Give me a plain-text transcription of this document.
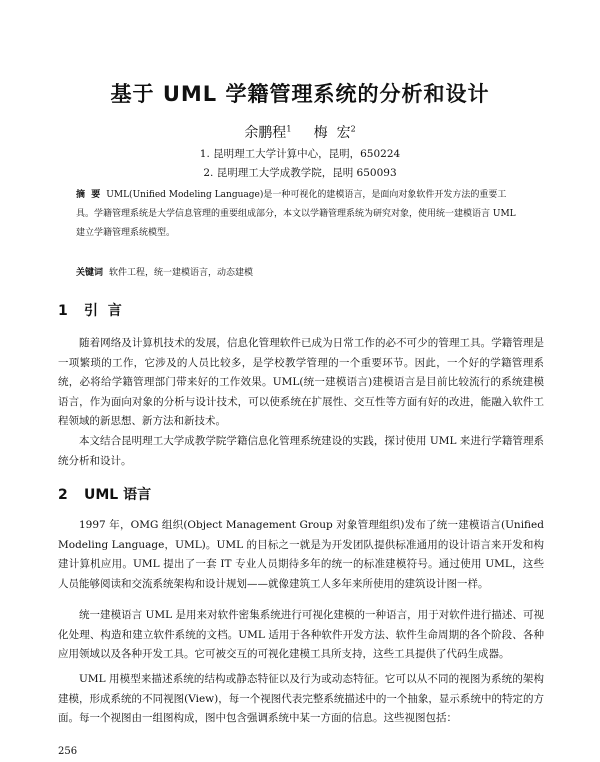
基于 UML 学籍管理系统的分析和设计
余鹏程$^1$ 梅  宏$^2$
1. 昆明理工大学计算中心，昆明，650224
2. 昆明理工大学成教学院，昆明 650093
摘  要 UML(Unified Modeling Language)是一种可视化的建模语言，是面向对象软件开发方法的重要工具。学籍管理系统是大学信息管理的重要组成部分，本文以学籍管理系统为研究对象，使用统一建模语言 UML 建立学籍管理系统模型。
关键词 软件工程，统一建模语言，动态建模
1 引  言

随着网络及计算机技术的发展，信息化管理软件已成为日常工作的必不可少的管理工具。学籍管理是一项繁琐的工作，它涉及的人员比较多，是学校教学管理的一个重要环节。因此，一个好的学籍管理系统，必将给学籍管理部门带来好的工作效果。UML(统一建模语言)建模语言是目前比较流行的系统建模语言，作为面向对象的分析与设计技术，可以使系统在扩展性、交互性等方面有好的改进，能融入软件工程领域的新思想、新方法和新技术。

本文结合昆明理工大学成教学院学籍信息化管理系统建设的实践，探讨使用 UML 来进行学籍管理系统分析和设计。

2 UML 语言

1997 年，OMG 组织(Object Management Group 对象管理组织)发布了统一建模语言(Unified Modeling Language，UML)。UML 的目标之一就是为开发团队提供标准通用的设计语言来开发和构建计算机应用。UML 提出了一套 IT 专业人员期待多年的统一的标准建模符号。通过使用 UML，这些人员能够阅读和交流系统架构和设计规划——就像建筑工人多年来所使用的建筑设计图一样。

统一建模语言 UML 是用来对软件密集系统进行可视化建模的一种语言，用于对软件进行描述、可视化处理、构造和建立软件系统的文档。UML 适用于各种软件开发方法、软件生命周期的各个阶段、各种应用领域以及各种开发工具。它可被交互的可视化建模工具所支持，这些工具提供了代码生成器。

UML 用模型来描述系统的结构或静态特征以及行为或动态特征。它可以从不同的视图为系统的架构建模，形成系统的不同视图(View)，每一个视图代表完整系统描述中的一个抽象，显示系统中的特定的方面。每一个视图由一组图构成，图中包含强调系统中某一方面的信息。这些视图包括：

256
